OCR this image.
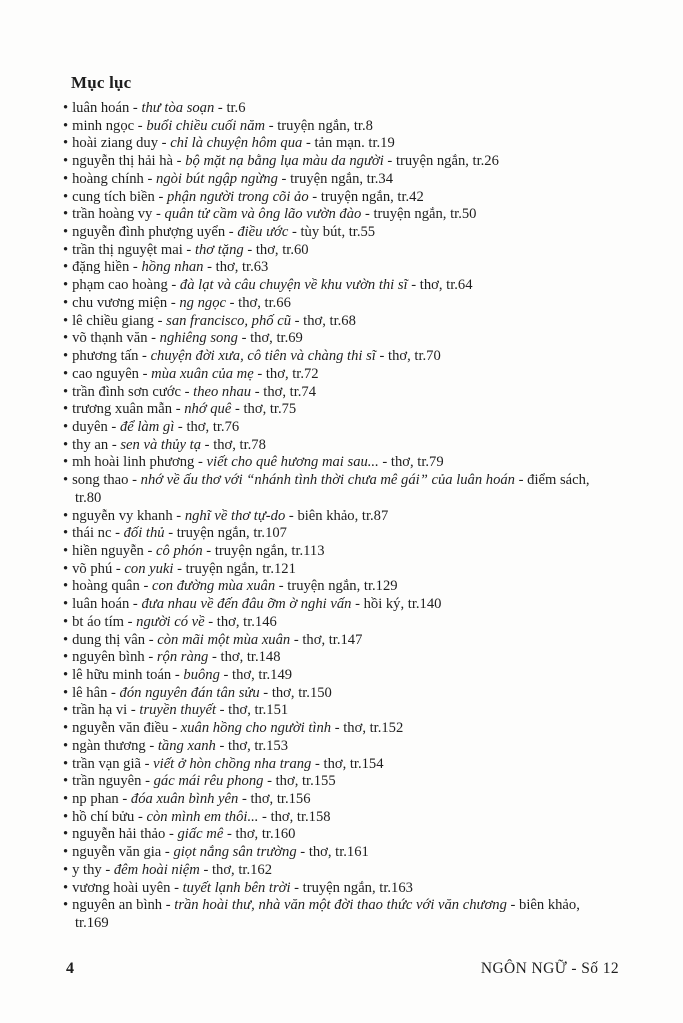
Mục lục
• luân hoán - thư tòa soạn - tr.6
• minh ngọc - buổi chiều cuối năm - truyện ngắn, tr.8
• hoài ziang duy - chỉ là chuyện hôm qua - tản mạn. tr.19
• nguyễn thị hải hà - bộ mặt nạ bằng lụa màu da người - truyện ngắn, tr.26
• hoàng chính - ngòi bút ngập ngừng - truyện ngắn, tr.34
• cung tích biền - phận người trong cõi ảo - truyện ngắn, tr.42
• trần hoàng vy - quân tử cầm và ông lão vườn đào - truyện ngắn, tr.50
• nguyễn đình phượng uyển - điều ước - tùy bút, tr.55
• trần thị nguyệt mai - thơ tặng - thơ, tr.60
• đặng hiền - hồng nhan - thơ, tr.63
• phạm cao hoàng - đà lạt và câu chuyện về khu vườn thi sĩ - thơ, tr.64
• chu vương miện - ng ngọc - thơ, tr.66
• lê chiều giang - san francisco, phố cũ - thơ, tr.68
• võ thạnh văn - nghiêng song - thơ, tr.69
• phương tấn - chuyện đời xưa, cô tiên và chàng thi sĩ - thơ, tr.70
• cao nguyên - mùa xuân của mẹ - thơ, tr.72
• trần đình sơn cước - theo nhau - thơ, tr.74
• trương xuân mẫn - nhớ quê - thơ, tr.75
• duyên - để làm gì - thơ, tr.76
• thy an - sen và thủy tạ - thơ, tr.78
• mh hoài linh phương - viết cho quê hương mai sau... - thơ, tr.79
• song thao - nhớ về ấu thơ với “nhánh tình thời chưa mê gái” của luân hoán - điểm sách, tr.80
• nguyễn vy khanh - nghĩ về thơ tự-do - biên khảo, tr.87
• thái nc - đối thủ - truyện ngắn, tr.107
• hiền nguyễn - cô phón - truyện ngắn, tr.113
• võ phú - con yuki - truyện ngắn, tr.121
• hoàng quân - con đường mùa xuân - truyện ngắn, tr.129
• luân hoán - đưa nhau về đến đâu ỡm ờ nghi vấn - hồi ký, tr.140
• bt áo tím - người có về - thơ, tr.146
• dung thị vân - còn mãi một mùa xuân - thơ, tr.147
• nguyên bình - rộn ràng - thơ, tr.148
• lê hữu minh toán - buông - thơ, tr.149
• lê hân - đón nguyên đán tân sửu - thơ, tr.150
• trần hạ vi - truyền thuyết - thơ, tr.151
• nguyễn văn điều - xuân hồng cho người tình - thơ, tr.152
• ngàn thương - tầng xanh - thơ, tr.153
• trần vạn giã - viết ở hòn chồng nha trang - thơ, tr.154
• trần nguyên - gác mái rêu phong - thơ, tr.155
• np phan - đóa xuân bình yên - thơ, tr.156
• hồ chí bửu - còn mình em thôi... - thơ, tr.158
• nguyễn hải thảo - giấc mê - thơ, tr.160
• nguyễn văn gia - giọt nắng sân trường - thơ, tr.161
• y thy - đêm hoài niệm - thơ, tr.162
• vương hoài uyên - tuyết lạnh bên trời - truyện ngắn, tr.163
• nguyên an bình - trần hoài thư, nhà văn một đời thao thức với văn chương - biên khảo, tr.169
4	NGÔN NGỮ - Số 12
